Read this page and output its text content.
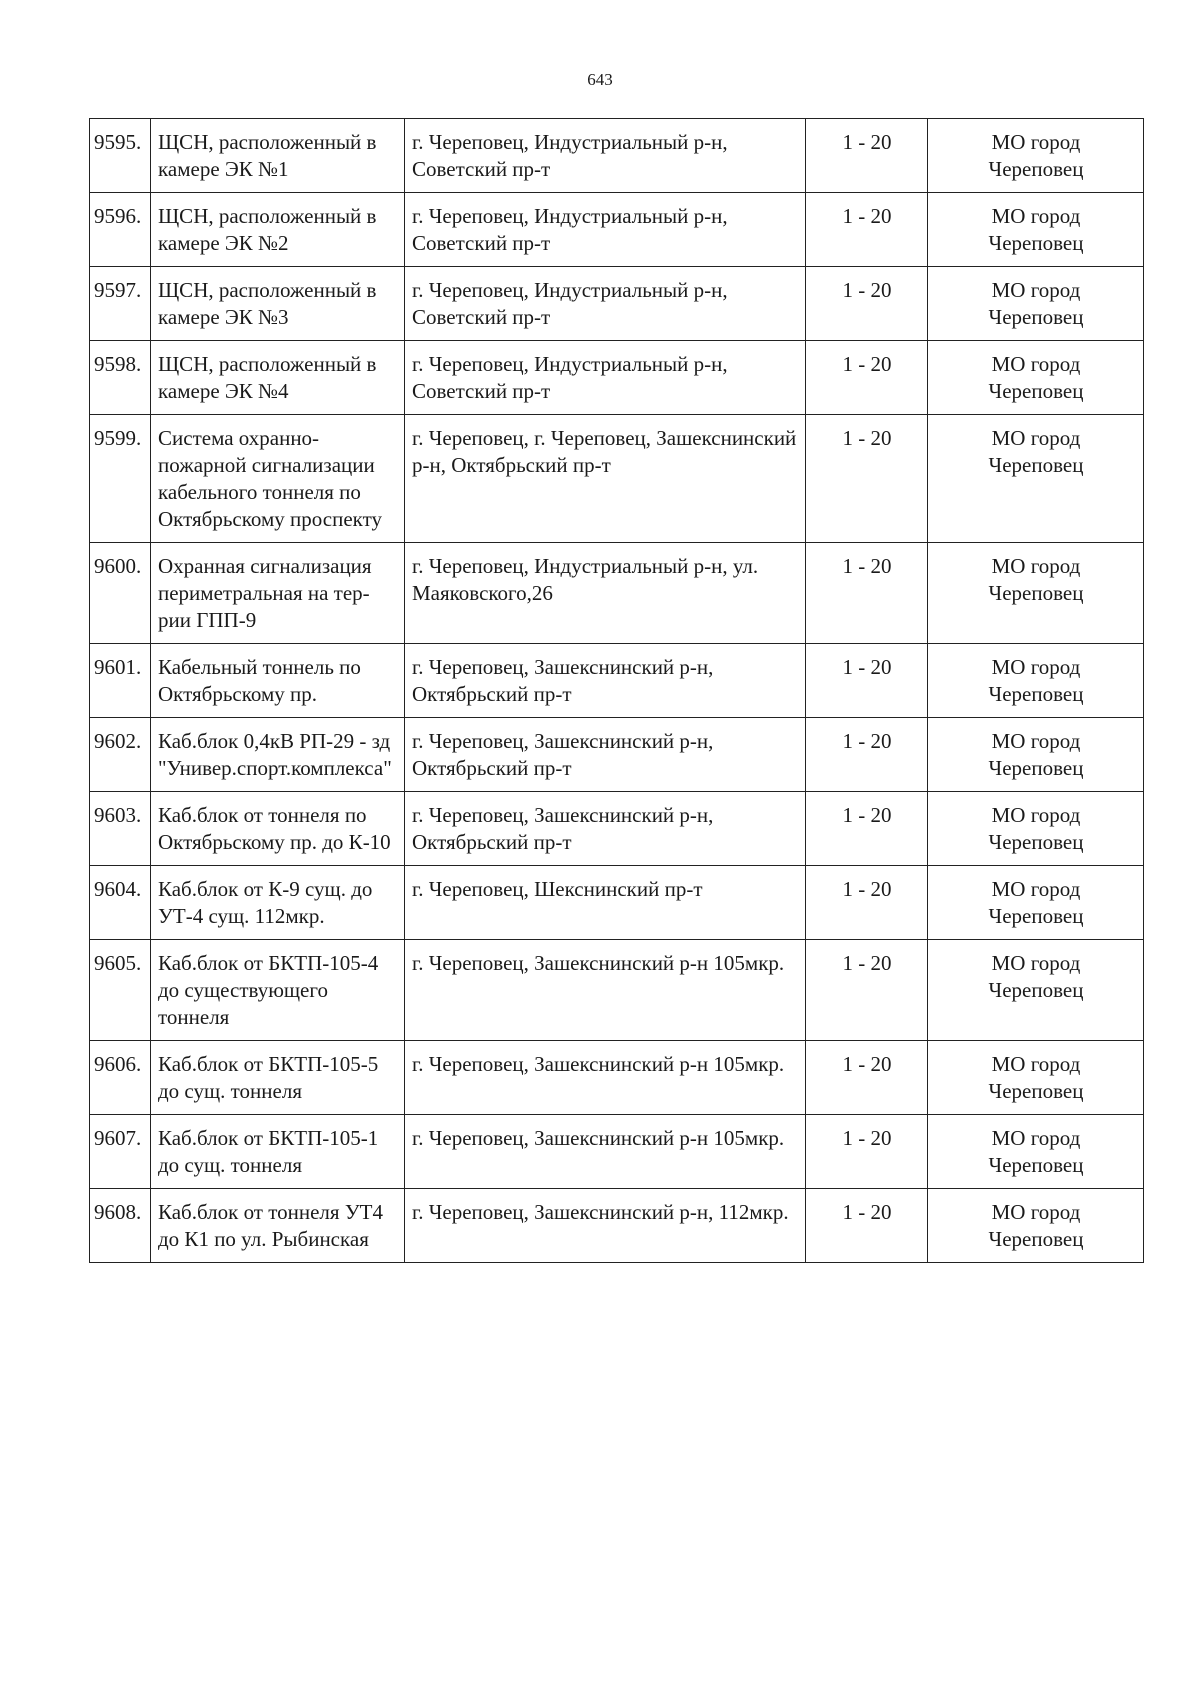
643
9595.	ЩСН, расположенный в камере ЭК №1	г. Череповец, Индустриальный р-н, Советский пр-т	1 - 20	МО город
Череповец

9596.	ЩСН, расположенный в камере ЭК №2	г. Череповец, Индустриальный р-н, Советский пр-т	1 - 20	МО город
Череповец

9597.	ЩСН, расположенный в камере ЭК №3	г. Череповец, Индустриальный р-н, Советский пр-т	1 - 20	МО город
Череповец

9598.	ЩСН, расположенный в камере ЭК №4	г. Череповец, Индустриальный р-н, Советский пр-т	1 - 20	МО город
Череповец

9599.	Система охранно-пожарной сигнализации кабельного тоннеля по Октябрьскому проспекту	г. Череповец, г. Череповец, Зашекснинский р-н, Октябрьский пр-т	1 - 20	МО город
Череповец

9600.	Охранная сигнализация периметральная на тер-рии ГПП-9	г. Череповец, Индустриальный р-н, ул. Маяковского,26	1 - 20	МО город
Череповец

9601.	Кабельный тоннель по Октябрьскому пр.	г. Череповец, Зашекснинский р-н, Октябрьский пр-т	1 - 20	МО город
Череповец

9602.	Каб.блок 0,4кВ РП-29 - зд "Универ.спорт.комплекса"	г. Череповец, Зашекснинский р-н, Октябрьский пр-т	1 - 20	МО город
Череповец

9603.	Каб.блок от тоннеля по Октябрьскому пр. до К-10	г. Череповец, Зашекснинский р-н, Октябрьский пр-т	1 - 20	МО город
Череповец

9604.	Каб.блок от К-9 сущ. до УТ-4 сущ. 112мкр.	г. Череповец, Шекснинский пр-т	1 - 20	МО город
Череповец

9605.	Каб.блок от БКТП-105-4 до существующего тоннеля	г. Череповец, Зашекснинский р-н 105мкр.	1 - 20	МО город
Череповец

9606.	Каб.блок от БКТП-105-5 до сущ. тоннеля	г. Череповец, Зашекснинский р-н 105мкр.	1 - 20	МО город
Череповец

9607.	Каб.блок от БКТП-105-1 до сущ. тоннеля	г. Череповец, Зашекснинский р-н 105мкр.	1 - 20	МО город
Череповец

9608.	Каб.блок от тоннеля УТ4 до К1 по ул. Рыбинская	г. Череповец, Зашекснинский р-н, 112мкр.	1 - 20	МО город
Череповец
